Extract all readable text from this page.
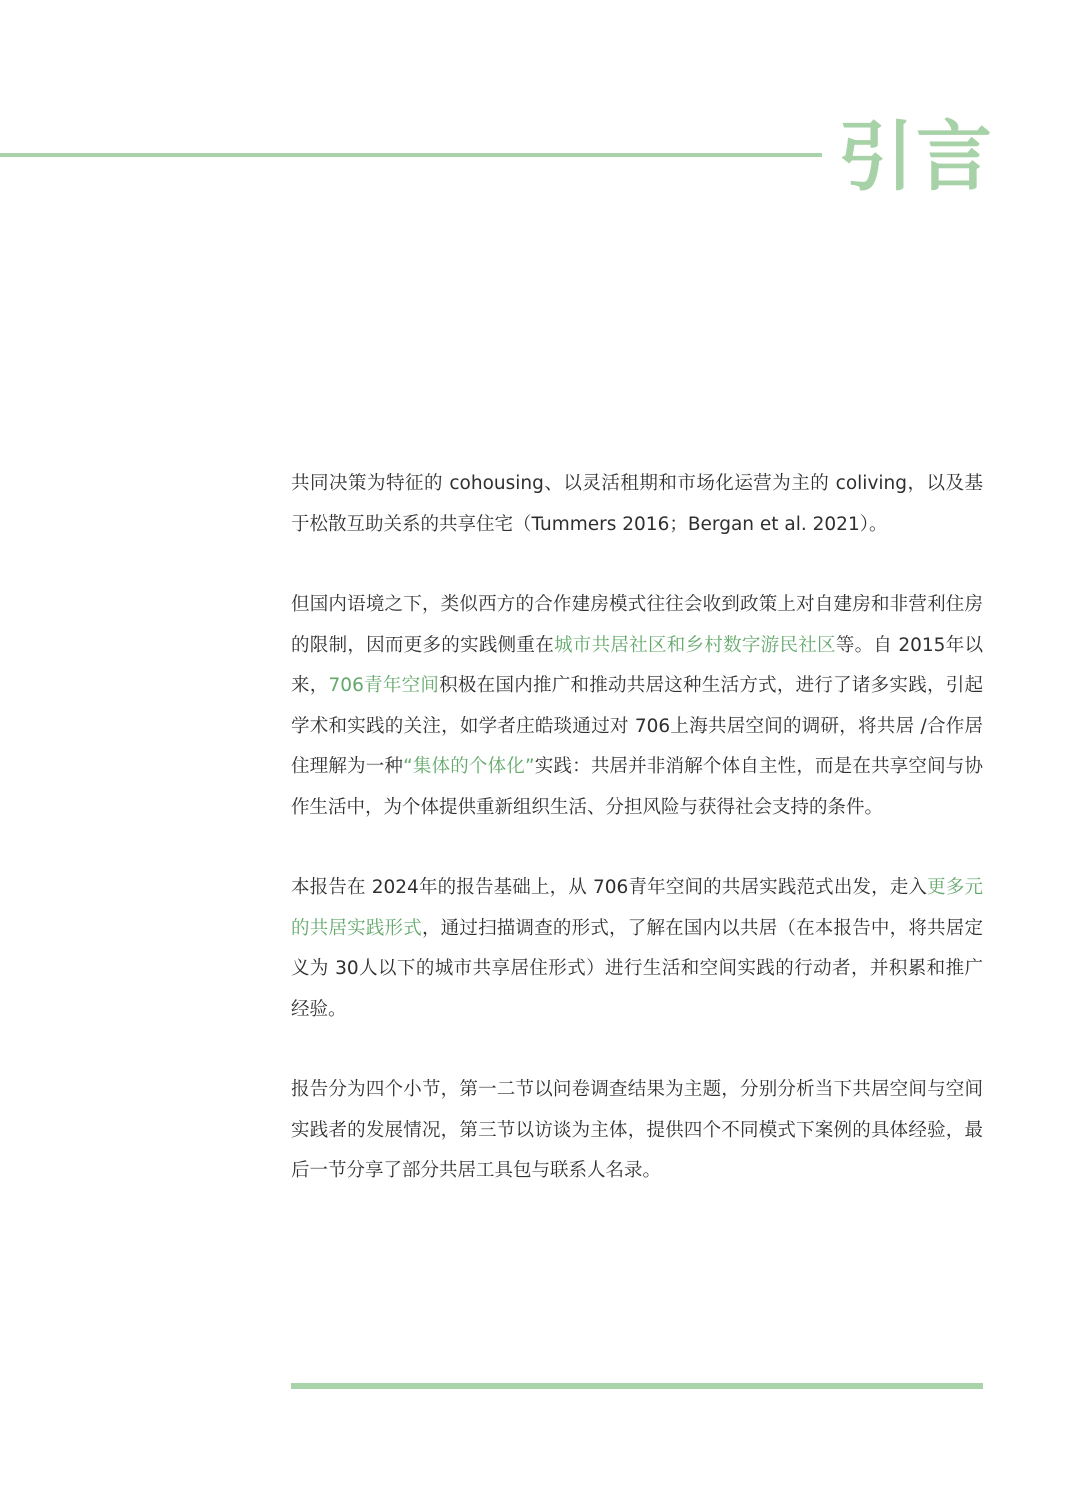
引言

共同决策为特征的 cohousing、以灵活租期和市场化运营为主的 coliving，以及基于松散互助关系的共享住宅（Tummers 2016；Bergan et al. 2021）。

但国内语境之下，类似西方的合作建房模式往往会收到政策上对自建房和非营利住房的限制，因而更多的实践侧重在城市共居社区和乡村数字游民社区等。自 2015年以来，706青年空间积极在国内推广和推动共居这种生活方式，进行了诸多实践，引起学术和实践的关注，如学者庄皓琰通过对 706上海共居空间的调研，将共居 /合作居住理解为一种“集体的个体化”实践：共居并非消解个体自主性，而是在共享空间与协作生活中，为个体提供重新组织生活、分担风险与获得社会支持的条件。

本报告在 2024年的报告基础上，从 706青年空间的共居实践范式出发，走入更多元的共居实践形式，通过扫描调查的形式，了解在国内以共居（在本报告中，将共居定义为 30人以下的城市共享居住形式）进行生活和空间实践的行动者，并积累和推广经验。

报告分为四个小节，第一二节以问卷调查结果为主题，分别分析当下共居空间与空间实践者的发展情况，第三节以访谈为主体，提供四个不同模式下案例的具体经验，最后一节分享了部分共居工具包与联系人名录。
